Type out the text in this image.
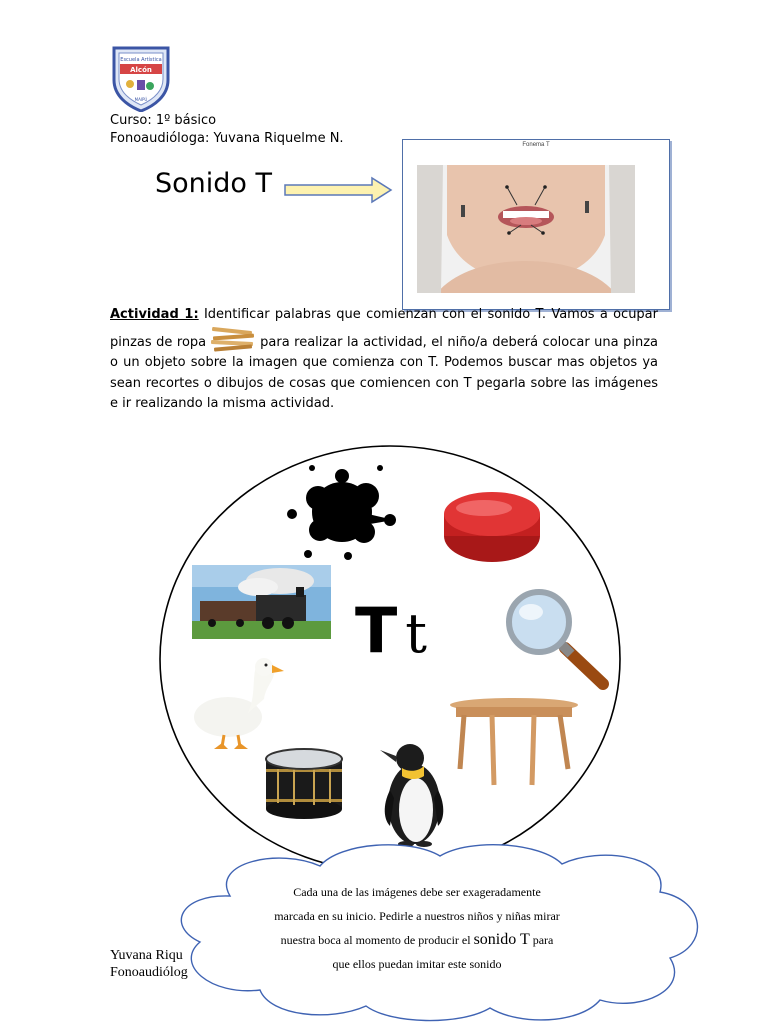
Escuela Artística
Alcón
MAIPÚ
Curso: 1º básico
Fonoaudióloga: Yuvana Riquelme N.
Sonido T
Fonema T
Actividad 1: Identificar palabras que comienzan con el sonido T. Vamos a ocupar pinzas de ropa	para realizar la actividad, el niño/a deberá colocar una pinza o un objeto sobre la imagen que comienza con T. Podemos buscar mas objetos ya sean recortes o dibujos de cosas que comiencen con T pegarla sobre las imágenes e ir realizando la misma actividad.
T t
Yuvana Riqu
Fonoaudiólog
Cada una de las imágenes debe ser exageradamente
marcada en su inicio. Pedirle a nuestros niños y niñas mirar
nuestra boca al momento de producir el sonido T para
que ellos puedan imitar este sonido
